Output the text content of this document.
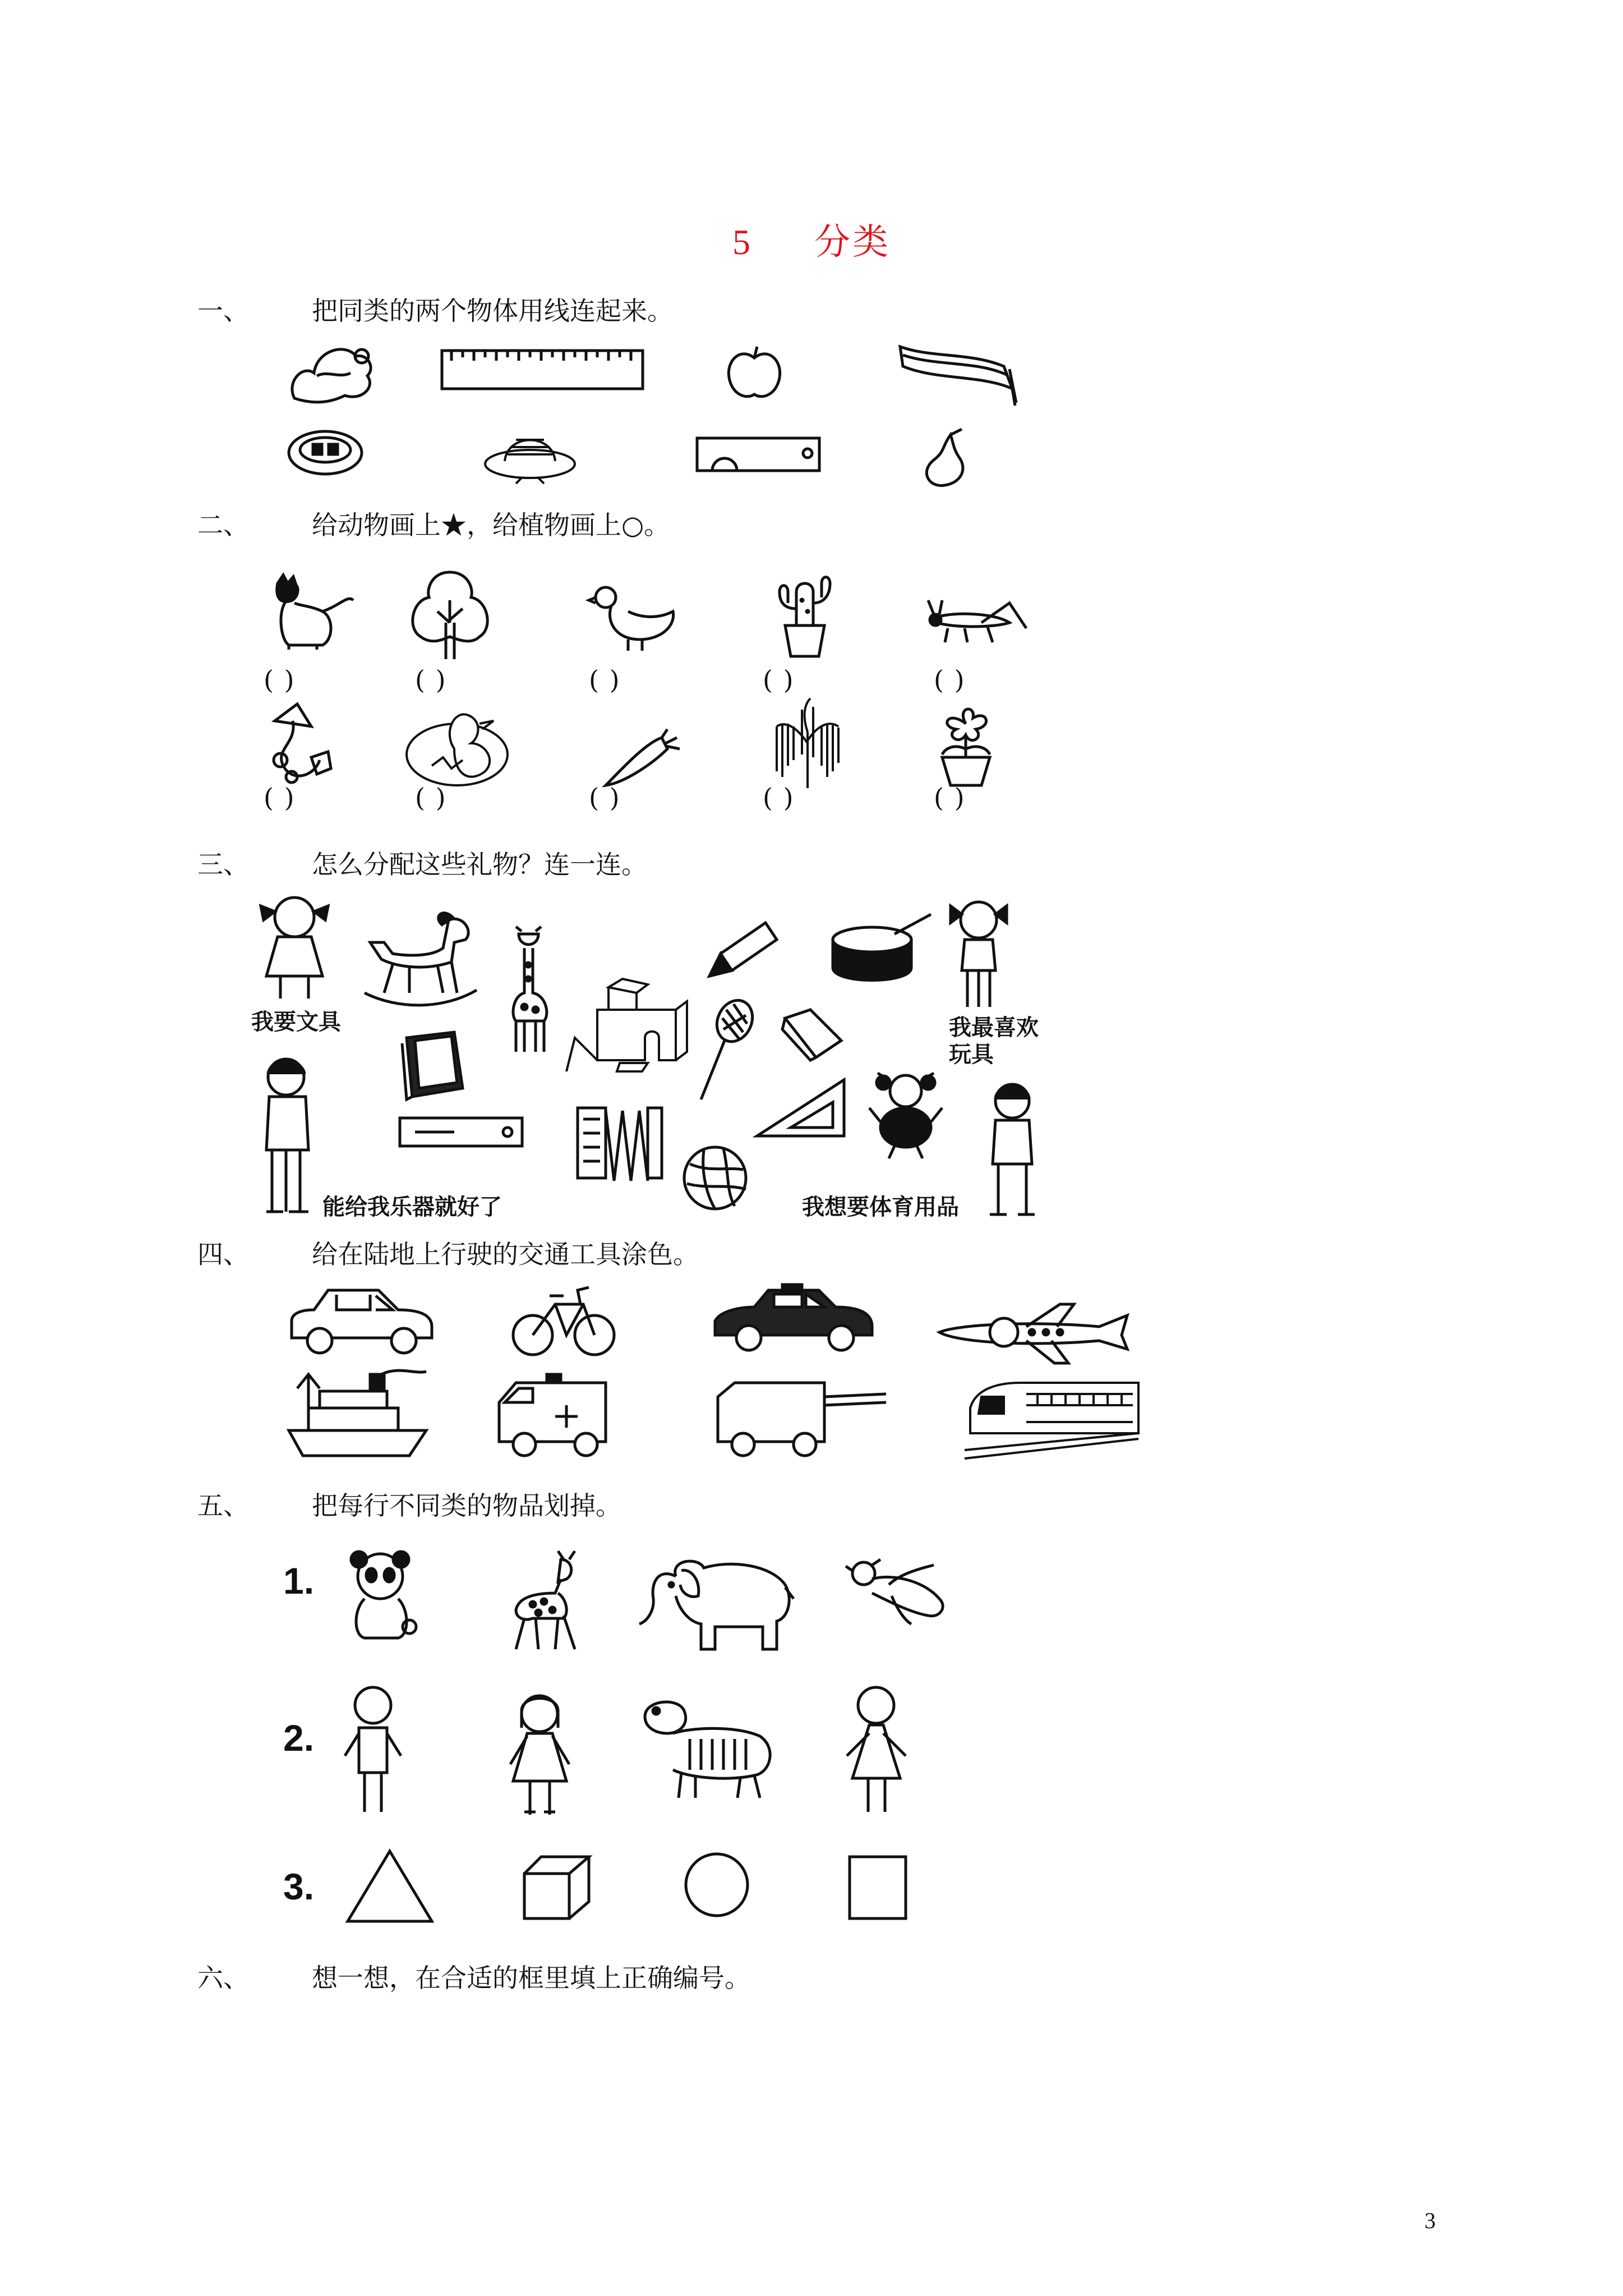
5 分类
一、 把同类的两个物体用线连起来。
二、 给动物画上★，给植物画上○。
三、 怎么分配这些礼物？连一连。
四、 给在陆地上行驶的交通工具涂色。
五、 把每行不同类的物品划掉。
六、 想一想，在合适的框里填上正确编号。
( )	( )	( )	( )	( )
( )	( )	( )	( )	( )
我要文具	我最喜欢
玩具
能给我乐器就好了	我想要体育用品
1.
2.
3.
3
